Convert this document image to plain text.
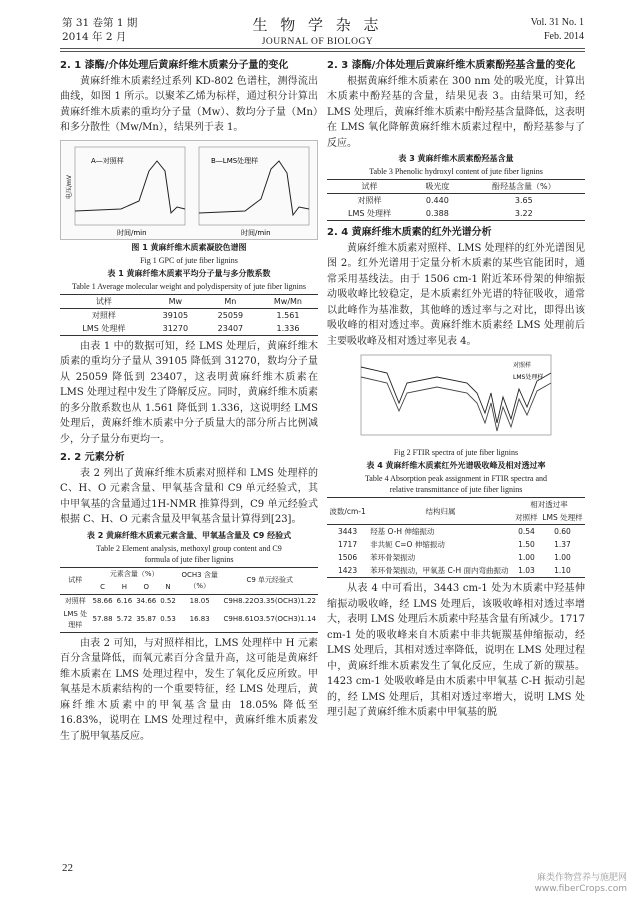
第 31 卷第 1 期
2014 年 2 月
生 物 学 杂 志
JOURNAL OF BIOLOGY
Vol. 31 No. 1
Feb. 2014
2. 1 漆酶/介体处理后黄麻纤维木质素分子量的变化

黄麻纤维木质素经过系列 KD-802 色谱柱，测得流出曲线，如图 1 所示。以聚苯乙烯为标样，通过积分计算出黄麻纤维木质素的重均分子量（Mw）、数均分子量（Mn）和多分散性（Mw/Mn），结果列于表 1。

A—对照样	B—LMS处理样
时间/min	时间/min
电压/mV
图 1 黄麻纤维木质素凝胶色谱图
Fig 1 GPC of jute fiber lignins
表 1 黄麻纤维木质素平均分子量与多分散系数
Table 1 Average molecular weight and polydispersity of jute fiber lignins
试样	Mw	Mn	Mw/Mn
对照样	39105	25059	1.561
LMS 处理样	31270	23407	1.336

由表 1 中的数据可知，经 LMS 处理后，黄麻纤维木质素的重均分子量从 39105 降低到 31270，数均分子量从 25059 降低到 23407，这表明黄麻纤维木质素在 LMS 处理过程中发生了降解反应。同时，黄麻纤维木质素的多分散系数也从 1.561 降低到 1.336，这说明经 LMS 处理后，黄麻纤维木质素中分子质量大的部分所占比例减少，分子量分布更均一。

2. 2 元素分析

表 2 列出了黄麻纤维木质素对照样和 LMS 处理样的 C、H、O 元素含量、甲氧基含量和 C9 单元经验式，其中甲氧基的含量通过1H-NMR 推算得到，C9 单元经验式根据 C、H、O 元素含量及甲氧基含量计算得到[23]。

表 2 黄麻纤维木质素元素含量、甲氧基含量及 C9 经验式
Table 2 Element analysis, methoxyl group content and C9
formula of jute fiber lignins
试样	元素含量（%）				OCH3 含量（%）	C9 单元经验式
	C	H	O	N		
对照样	58.66	6.16	34.66	0.52	18.05	C9H8.22O3.35(OCH3)1.22
LMS 处理样	57.88	5.72	35.87	0.53	16.83	C9H8.61O3.57(OCH3)1.14

由表 2 可知，与对照样相比，LMS 处理样中 H 元素百分含量降低，而氧元素百分含量升高，这可能是黄麻纤维木质素在 LMS 处理过程中，发生了氧化反应所致。甲氧基是木质素结构的一个重要特征，经 LMS 处理后，黄麻纤维木质素中的甲氧基含量由 18.05% 降低至 16.83%，说明在 LMS 处理过程中，黄麻纤维木质素发生了脱甲氧基反应。

2. 3 漆酶/介体处理后黄麻纤维木质素酚羟基含量的变化

根据黄麻纤维木质素在 300 nm 处的吸光度，计算出木质素中酚羟基的含量，结果见表 3。由结果可知，经 LMS 处理后，黄麻纤维木质素中酚羟基含量降低，这表明在 LMS 氧化降解黄麻纤维木质素过程中，酚羟基参与了反应。

表 3 黄麻纤维木质素酚羟基含量
Table 3 Phenolic hydroxyl content of jute fiber lignins
试样	吸光度	酚羟基含量（%）
对照样	0.440	3.65
LMS 处理样	0.388	3.22
2. 4 黄麻纤维木质素的红外光谱分析

黄麻纤维木质素对照样、LMS 处理样的红外光谱图见图 2。红外光谱用于定量分析木质素的某些官能团时，通常采用基线法。由于 1506 cm-1 附近苯环骨架的伸缩振动吸收峰比较稳定，是木质素红外光谱的特征吸收，通常以此峰作为基准数，其他峰的透过率与之对比，即得出该吸收峰的相对透过率。黄麻纤维木质素经 LMS 处理前后主要吸收峰及相对透过率见表 4。

对照样
LMS处理样
Fig 2 FTIR spectra of jute fiber lignins
表 4 黄麻纤维木质素红外光谱吸收峰及相对透过率
Table 4 Absorption peak assignment in FTIR spectra and
relative transmittance of jute fiber lignins
波数/cm-1	结构归属	相对透过率	
		对照样	LMS 处理样
3443	羟基 O-H 伸缩振动	0.54	0.60
1717	非共轭 C=O 伸缩振动	1.50	1.37
1506	苯环骨架振动	1.00	1.00
1423	苯环骨架振动，甲氧基 C-H 面内弯曲振动	1.03	1.10

从表 4 中可看出，3443 cm-1 处为木质素中羟基伸缩振动吸收峰，经 LMS 处理后，该吸收峰相对透过率增大，表明 LMS 处理后木质素中羟基含量有所减少。1717 cm-1 处的吸收峰来自木质素中非共轭羰基伸缩振动，经 LMS 处理后，其相对透过率降低，说明在 LMS 处理过程中，黄麻纤维木质素发生了氧化反应，生成了新的羰基。1423 cm-1 处吸收峰是由木质素中甲氧基 C-H 振动引起的，经 LMS 处理后，其相对透过率增大，说明 LMS 处理引起了黄麻纤维木质素中甲氧基的脱

22
麻类作物营养与施肥网
www.fiberCrops.com
